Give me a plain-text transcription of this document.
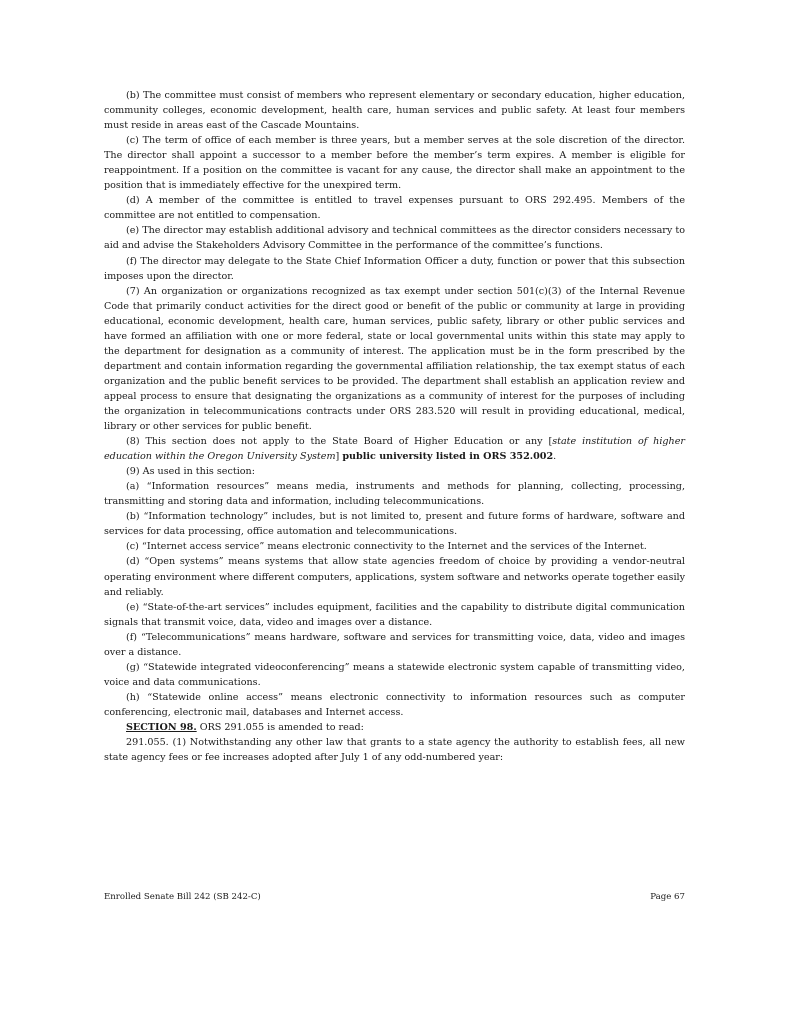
(b) The committee must consist of members who represent elementary or secondary education, higher education, community colleges, economic development, health care, human services and public safety. At least four members must reside in areas east of the Cascade Mountains.

(c) The term of office of each member is three years, but a member serves at the sole discretion of the director. The director shall appoint a successor to a member before the member’s term expires. A member is eligible for reappointment. If a position on the committee is vacant for any cause, the director shall make an appointment to the position that is immediately effective for the unexpired term.

(d) A member of the committee is entitled to travel expenses pursuant to ORS 292.495. Members of the committee are not entitled to compensation.

(e) The director may establish additional advisory and technical committees as the director considers necessary to aid and advise the Stakeholders Advisory Committee in the performance of the committee’s functions.

(f) The director may delegate to the State Chief Information Officer a duty, function or power that this subsection imposes upon the director.

(7) An organization or organizations recognized as tax exempt under section 501(c)(3) of the Internal Revenue Code that primarily conduct activities for the direct good or benefit of the public or community at large in providing educational, economic development, health care, human services, public safety, library or other public services and have formed an affiliation with one or more federal, state or local governmental units within this state may apply to the department for designation as a community of interest. The application must be in the form prescribed by the department and contain information regarding the governmental affiliation relationship, the tax exempt status of each organization and the public benefit services to be provided. The department shall establish an application review and appeal process to ensure that designating the organizations as a community of interest for the purposes of including the organization in telecommunications contracts under ORS 283.520 will result in providing educational, medical, library or other services for public benefit.

(8) This section does not apply to the State Board of Higher Education or any [state institution of higher education within the Oregon University System] public university listed in ORS 352.002.

(9) As used in this section:

(a) “Information resources” means media, instruments and methods for planning, collecting, processing, transmitting and storing data and information, including telecommunications.

(b) “Information technology” includes, but is not limited to, present and future forms of hardware, software and services for data processing, office automation and telecommunications.

(c) “Internet access service” means electronic connectivity to the Internet and the services of the Internet.

(d) “Open systems” means systems that allow state agencies freedom of choice by providing a vendor-neutral operating environment where different computers, applications, system software and networks operate together easily and reliably.

(e) “State-of-the-art services” includes equipment, facilities and the capability to distribute digital communication signals that transmit voice, data, video and images over a distance.

(f) “Telecommunications” means hardware, software and services for transmitting voice, data, video and images over a distance.

(g) “Statewide integrated videoconferencing” means a statewide electronic system capable of transmitting video, voice and data communications.

(h) “Statewide online access” means electronic connectivity to information resources such as computer conferencing, electronic mail, databases and Internet access.

SECTION 98. ORS 291.055 is amended to read:

291.055. (1) Notwithstanding any other law that grants to a state agency the authority to establish fees, all new state agency fees or fee increases adopted after July 1 of any odd-numbered year:

Enrolled Senate Bill 242 (SB 242-C)	Page 67
